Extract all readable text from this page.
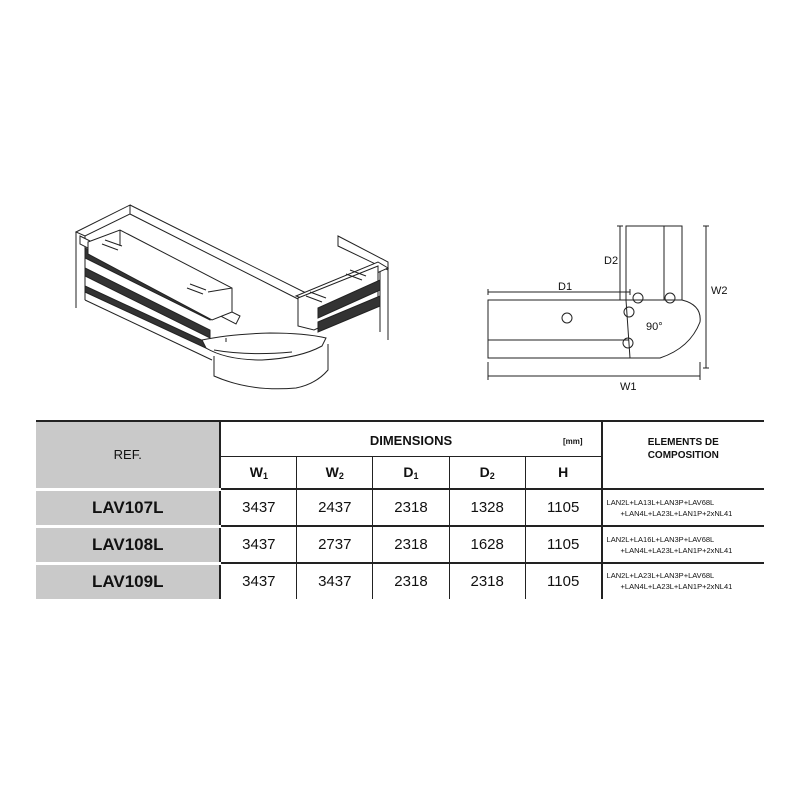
D1
D2
W2
W1
90°
REF.	DIMENSIONS [mm]					ELEMENTS DE
COMPOSITION
	$W_1$	$W_2$	$D_1$	$D_2$	H	
LAV107L	3437	2437	2318	1328	1105	LAN2L+LA13L+LAN3P+LAV68L
+LAN4L+LA23L+LAN1P+2xNL41

LAV108L	3437	2737	2318	1628	1105	LAN2L+LA16L+LAN3P+LAV68L
+LAN4L+LA23L+LAN1P+2xNL41

LAV109L	3437	3437	2318	2318	1105	LAN2L+LA23L+LAN3P+LAV68L
+LAN4L+LA23L+LAN1P+2xNL41
